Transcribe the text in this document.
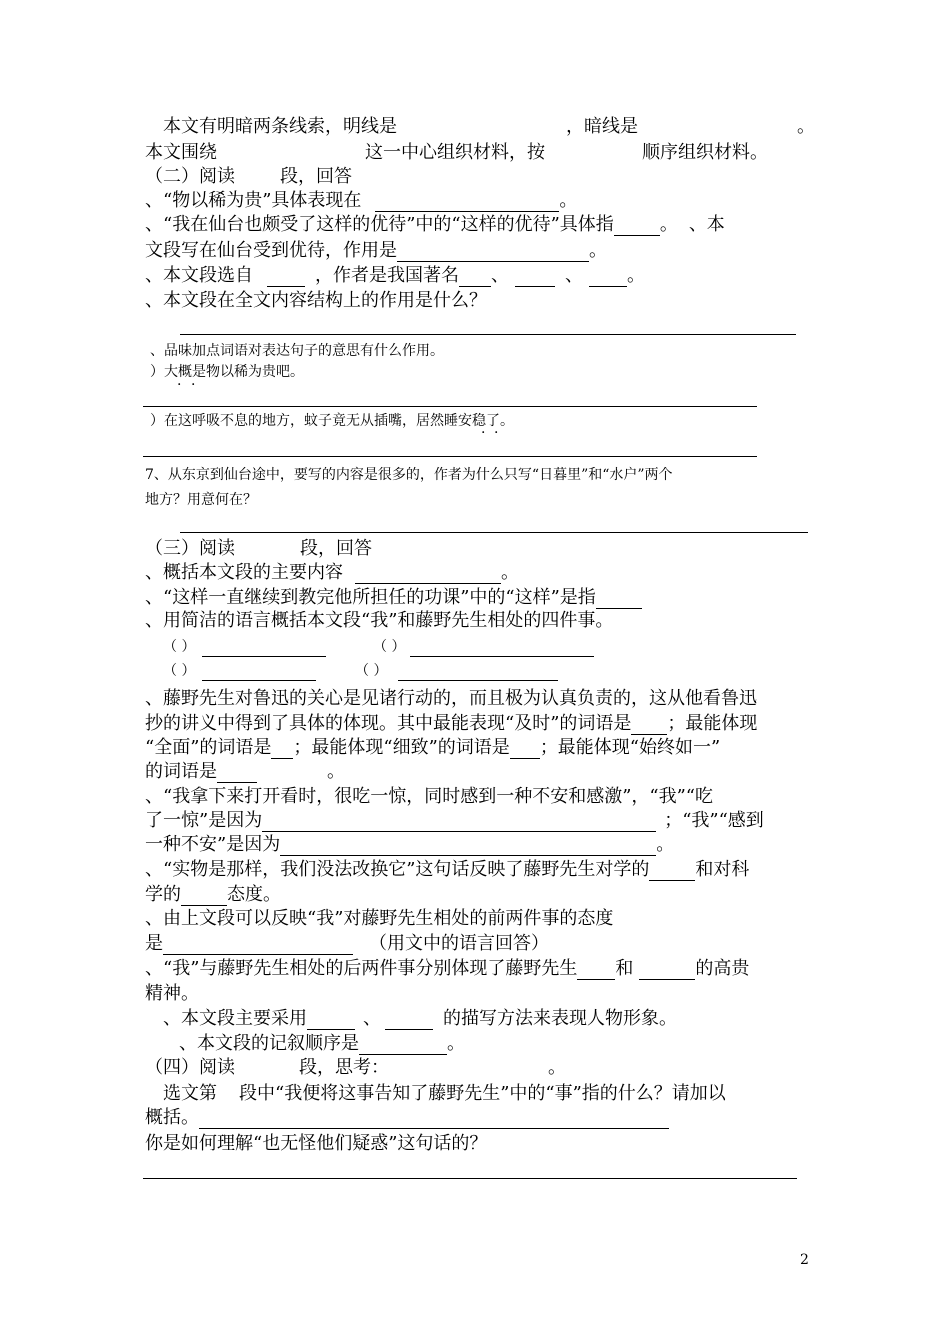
本文有明暗两条线索，明线是	，暗线是	。
本文围绕	这一中心组织材料，按	顺序组织材料。
（二）阅读	段，回答
、“物以稀为贵”具体表现在	。
、“我在仙台也颇受了这样的优待”中的“这样的优待”具体指	。 、本
文段写在仙台受到优待，作用是	。
、本文段选自	，作者是我国著名 、	、 。
、本文段在全文内容结构上的作用是什么？
、品味加点词语对表达句子的意思有什么作用。
）大概是物以稀为贵吧。
· ·
）在这呼吸不息的地方，蚊子竟无从插嘴，居然睡安稳了。
· ·
7、从东京到仙台途中，要写的内容是很多的，作者为什么只写“日暮里”和“水户”两个
地方？用意何在？
（三）阅读	段，回答
、概括本文段的主要内容	。
、“这样一直继续到教完他所担任的功课”中的“这样”是指
、用简洁的语言概括本文段“我”和藤野先生相处的四件事。
（ ）	（ ）
（ ）	（ ）
、藤野先生对鲁迅的关心是见诸行动的，而且极为认真负责的，这从他看鲁迅
抄的讲义中得到了具体的体现。其中最能表现“及时”的词语是 ；最能体现
“全面”的词语是 ；最能体现“细致”的词语是 ；最能体现“始终如一”
的词语是	。
、“我拿下来打开看时，很吃一惊，同时感到一种不安和感激”，“我”“吃
了一惊”是因为	；“我”“感到
一种不安”是因为	。
、“实物是那样，我们没法改换它”这句话反映了藤野先生对学的	和对科
学的	态度。
、由上文段可以反映“我”对藤野先生相处的前两件事的态度
是	（用文中的语言回答）
、“我”与藤野先生相处的后两件事分别体现了藤野先生 和	的高贵
精神。
、本文段主要采用	、	的描写方法来表现人物形象。
、本文段的记叙顺序是	。
（四）阅读	段，思考：	。
选文第 段中“我便将这事告知了藤野先生”中的“事”指的什么？请加以
概括。
你是如何理解“也无怪他们疑惑”这句话的？
2
